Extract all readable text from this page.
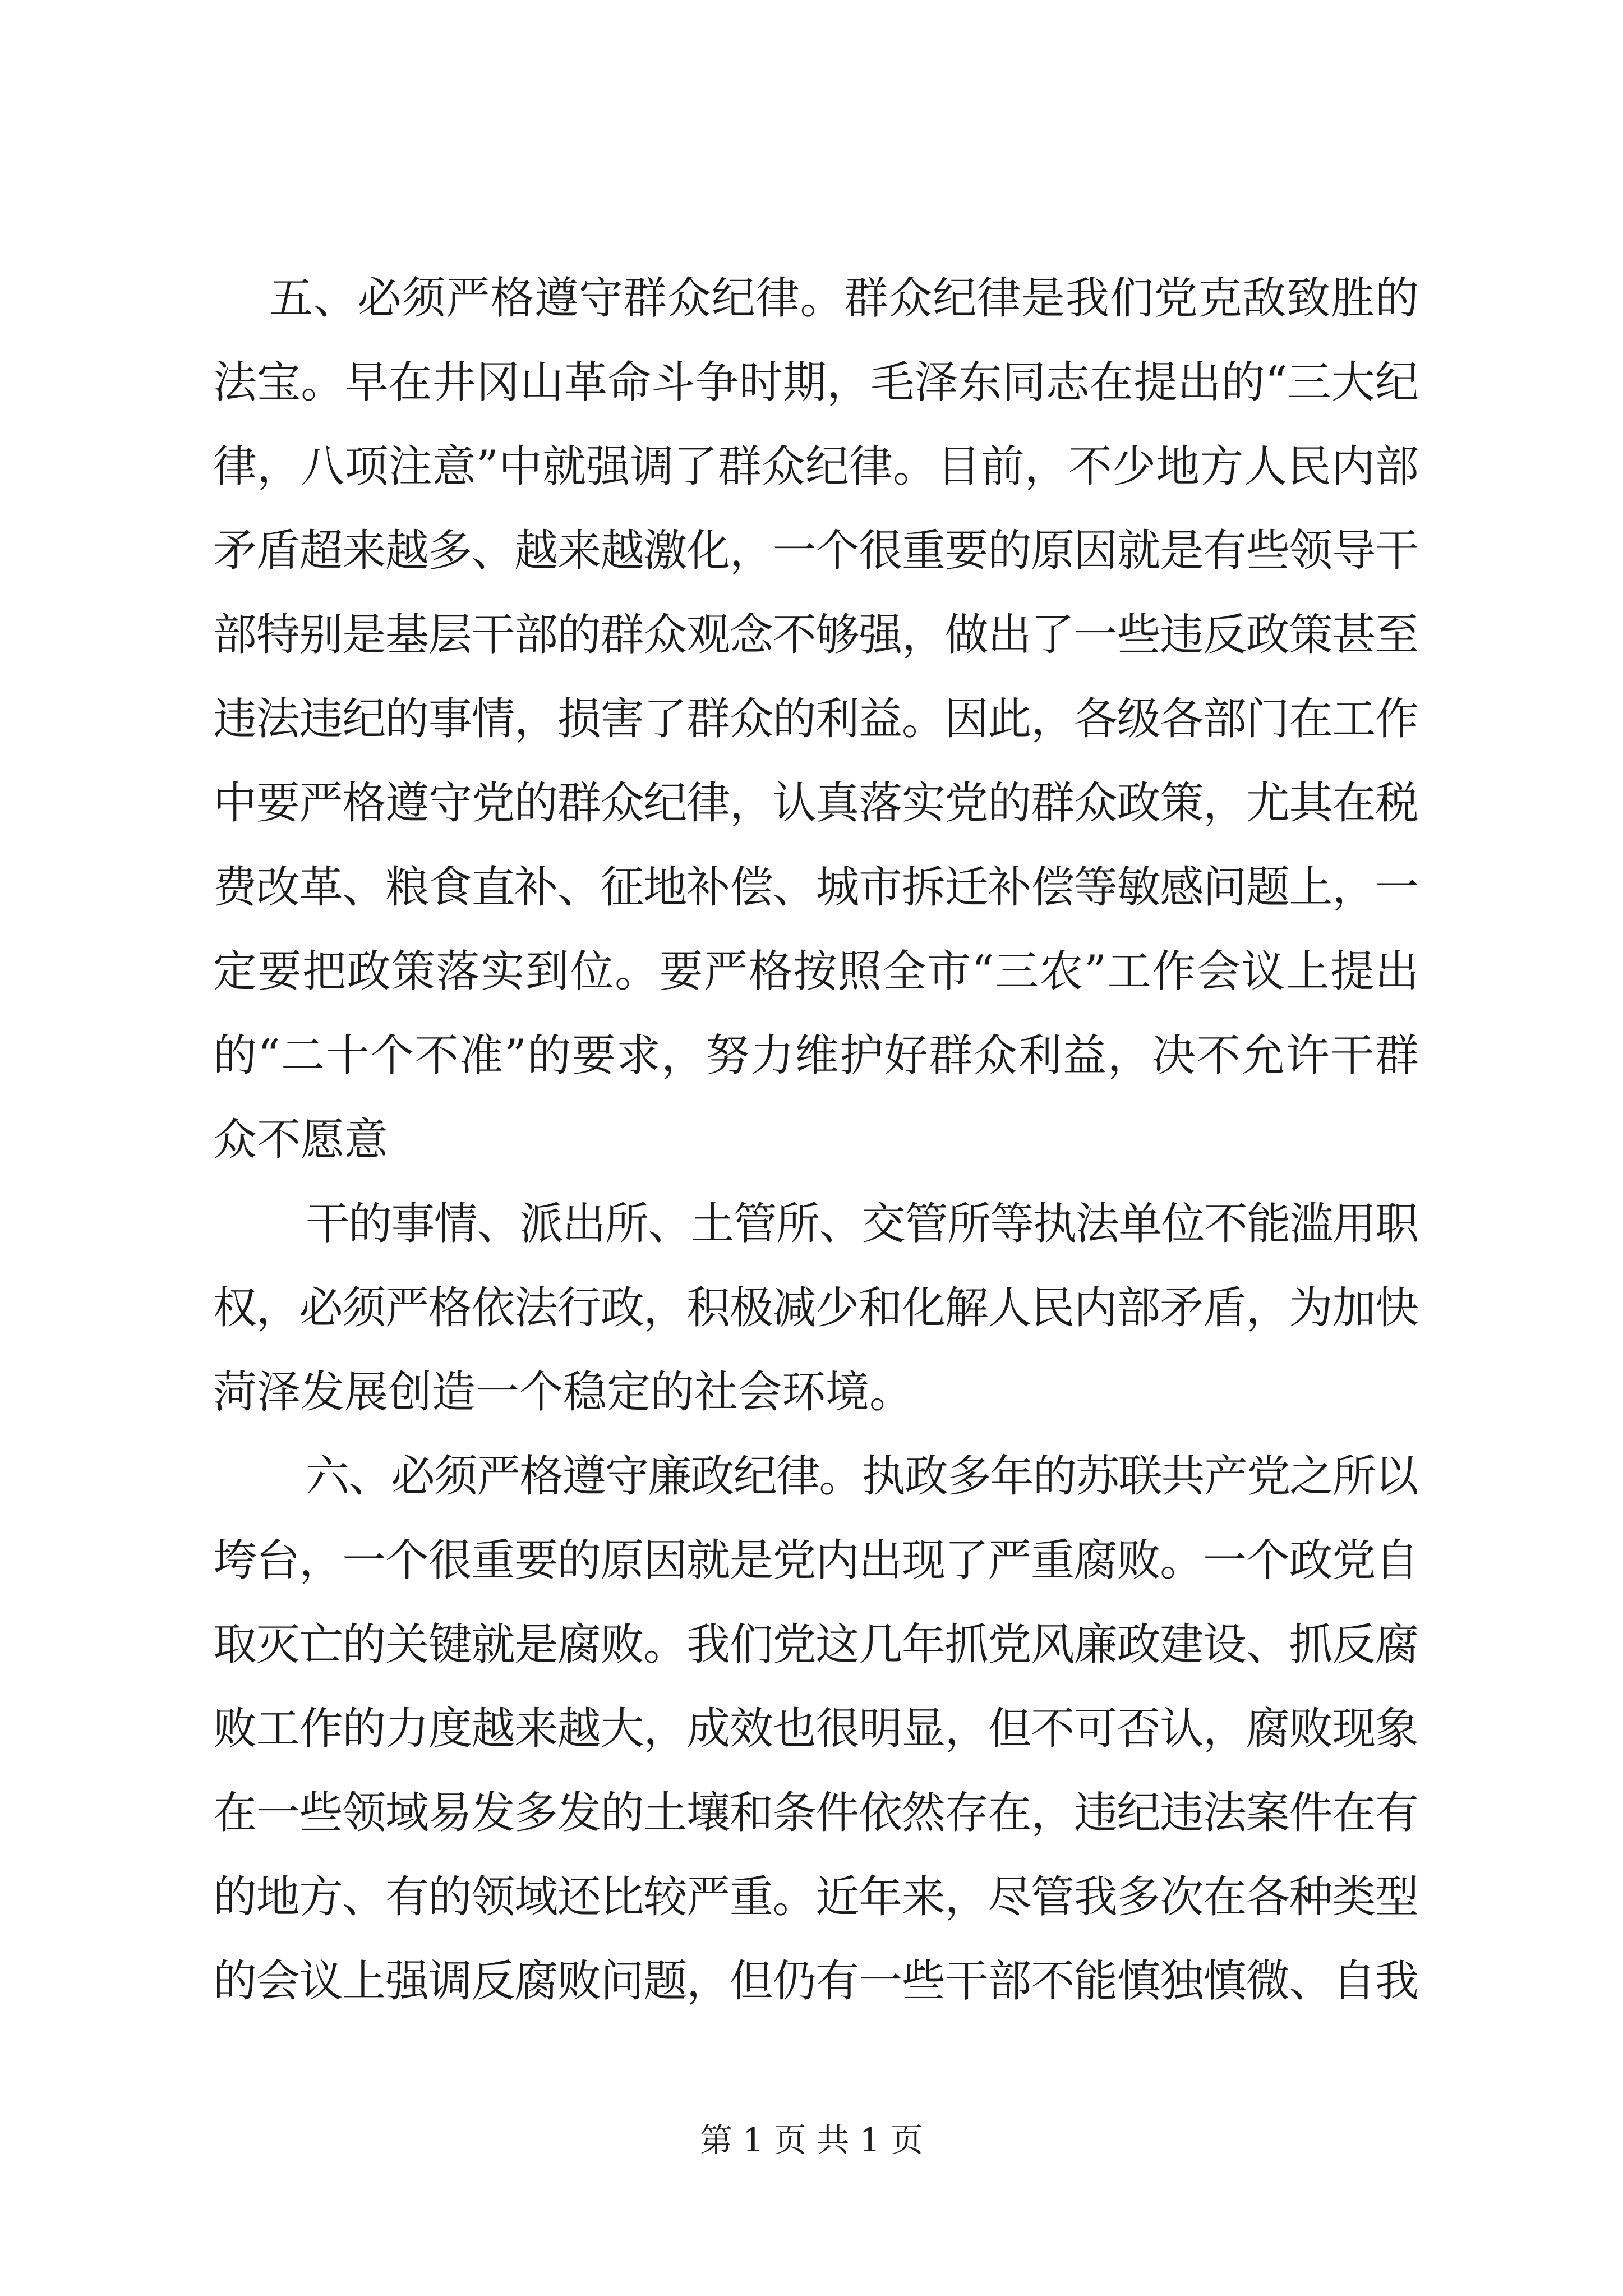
五、必须严格遵守群众纪律。群众纪律是我们党克敌致胜的
法宝。早在井冈山革命斗争时期，毛泽东同志在提出的“三大纪
律，八项注意”中就强调了群众纪律。目前，不少地方人民内部
矛盾超来越多、越来越激化，一个很重要的原因就是有些领导干
部特别是基层干部的群众观念不够强，做出了一些违反政策甚至
违法违纪的事情，损害了群众的利益。因此，各级各部门在工作
中要严格遵守党的群众纪律，认真落实党的群众政策，尤其在税
费改革、粮食直补、征地补偿、城市拆迁补偿等敏感问题上，一
定要把政策落实到位。要严格按照全市“三农”工作会议上提出
的“二十个不准”的要求，努力维护好群众利益，决不允许干群
众不愿意
干的事情、派出所、土管所、交管所等执法单位不能滥用职
权，必须严格依法行政，积极减少和化解人民内部矛盾，为加快
菏泽发展创造一个稳定的社会环境。
六、必须严格遵守廉政纪律。执政多年的苏联共产党之所以
垮台，一个很重要的原因就是党内出现了严重腐败。一个政党自
取灭亡的关键就是腐败。我们党这几年抓党风廉政建设、抓反腐
败工作的力度越来越大，成效也很明显，但不可否认，腐败现象
在一些领域易发多发的土壤和条件依然存在，违纪违法案件在有
的地方、有的领域还比较严重。近年来，尽管我多次在各种类型
的会议上强调反腐败问题，但仍有一些干部不能慎独慎微、自我
第 1 页 共 1 页
